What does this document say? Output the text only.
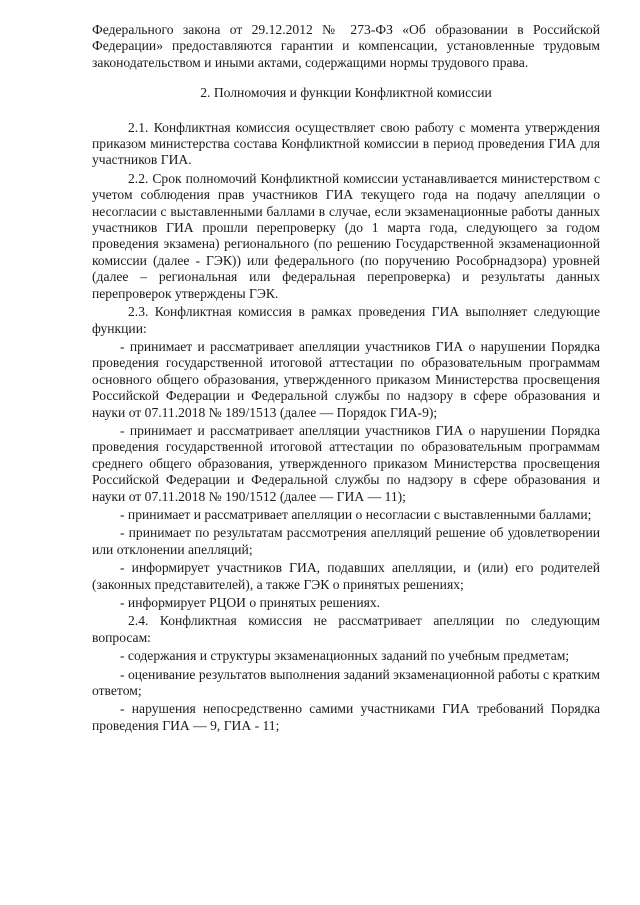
Федерального закона от 29.12.2012 № 273-ФЗ «Об образовании в Российской Федерации» предоставляются гарантии и компенсации, установленные трудовым законодательством и иными актами, содержащими нормы трудового права.

2. Полномочия и функции Конфликтной комиссии

2.1. Конфликтная комиссия осуществляет свою работу с момента утверждения приказом министерства состава Конфликтной комиссии в период проведения ГИА для участников ГИА.

2.2. Срок полномочий Конфликтной комиссии устанавливается министерством с учетом соблюдения прав участников ГИА текущего года на подачу апелляции о несогласии с выставленными баллами в случае, если экзаменационные работы данных участников ГИА прошли перепроверку (до 1 марта года, следующего за годом проведения экзамена) регионального (по решению Государственной экзаменационной комиссии (далее - ГЭК)) или федерального (по поручению Рособрнадзора) уровней (далее – региональная или федеральная перепроверка) и результаты данных перепроверок утверждены ГЭК.

2.3. Конфликтная комиссия в рамках проведения ГИА выполняет следующие функции:

- принимает и рассматривает апелляции участников ГИА о нарушении Порядка проведения государственной итоговой аттестации по образовательным программам основного общего образования, утвержденного приказом Министерства просвещения Российской Федерации и Федеральной службы по надзору в сфере образования и науки от 07.11.2018 № 189/1513 (далее — Порядок ГИА-9);

- принимает и рассматривает апелляции участников ГИА о нарушении Порядка проведения государственной итоговой аттестации по образовательным программам среднего общего образования, утвержденного приказом Министерства просвещения Российской Федерации и Федеральной службы по надзору в сфере образования и науки от 07.11.2018 № 190/1512 (далее — ГИА — 11);

- принимает и рассматривает апелляции о несогласии с выставленными баллами;

- принимает по результатам рассмотрения апелляций решение об удовлетворении или отклонении апелляций;

- информирует участников ГИА, подавших апелляции, и (или) его родителей (законных представителей), а также ГЭК о принятых решениях;

- информирует РЦОИ о принятых решениях.

2.4. Конфликтная комиссия не рассматривает апелляции по следующим вопросам:

- содержания и структуры экзаменационных заданий по учебным предметам;

- оценивание результатов выполнения заданий экзаменационной работы с кратким ответом;

- нарушения непосредственно самими участниками ГИА требований Порядка проведения ГИА — 9, ГИА - 11;
